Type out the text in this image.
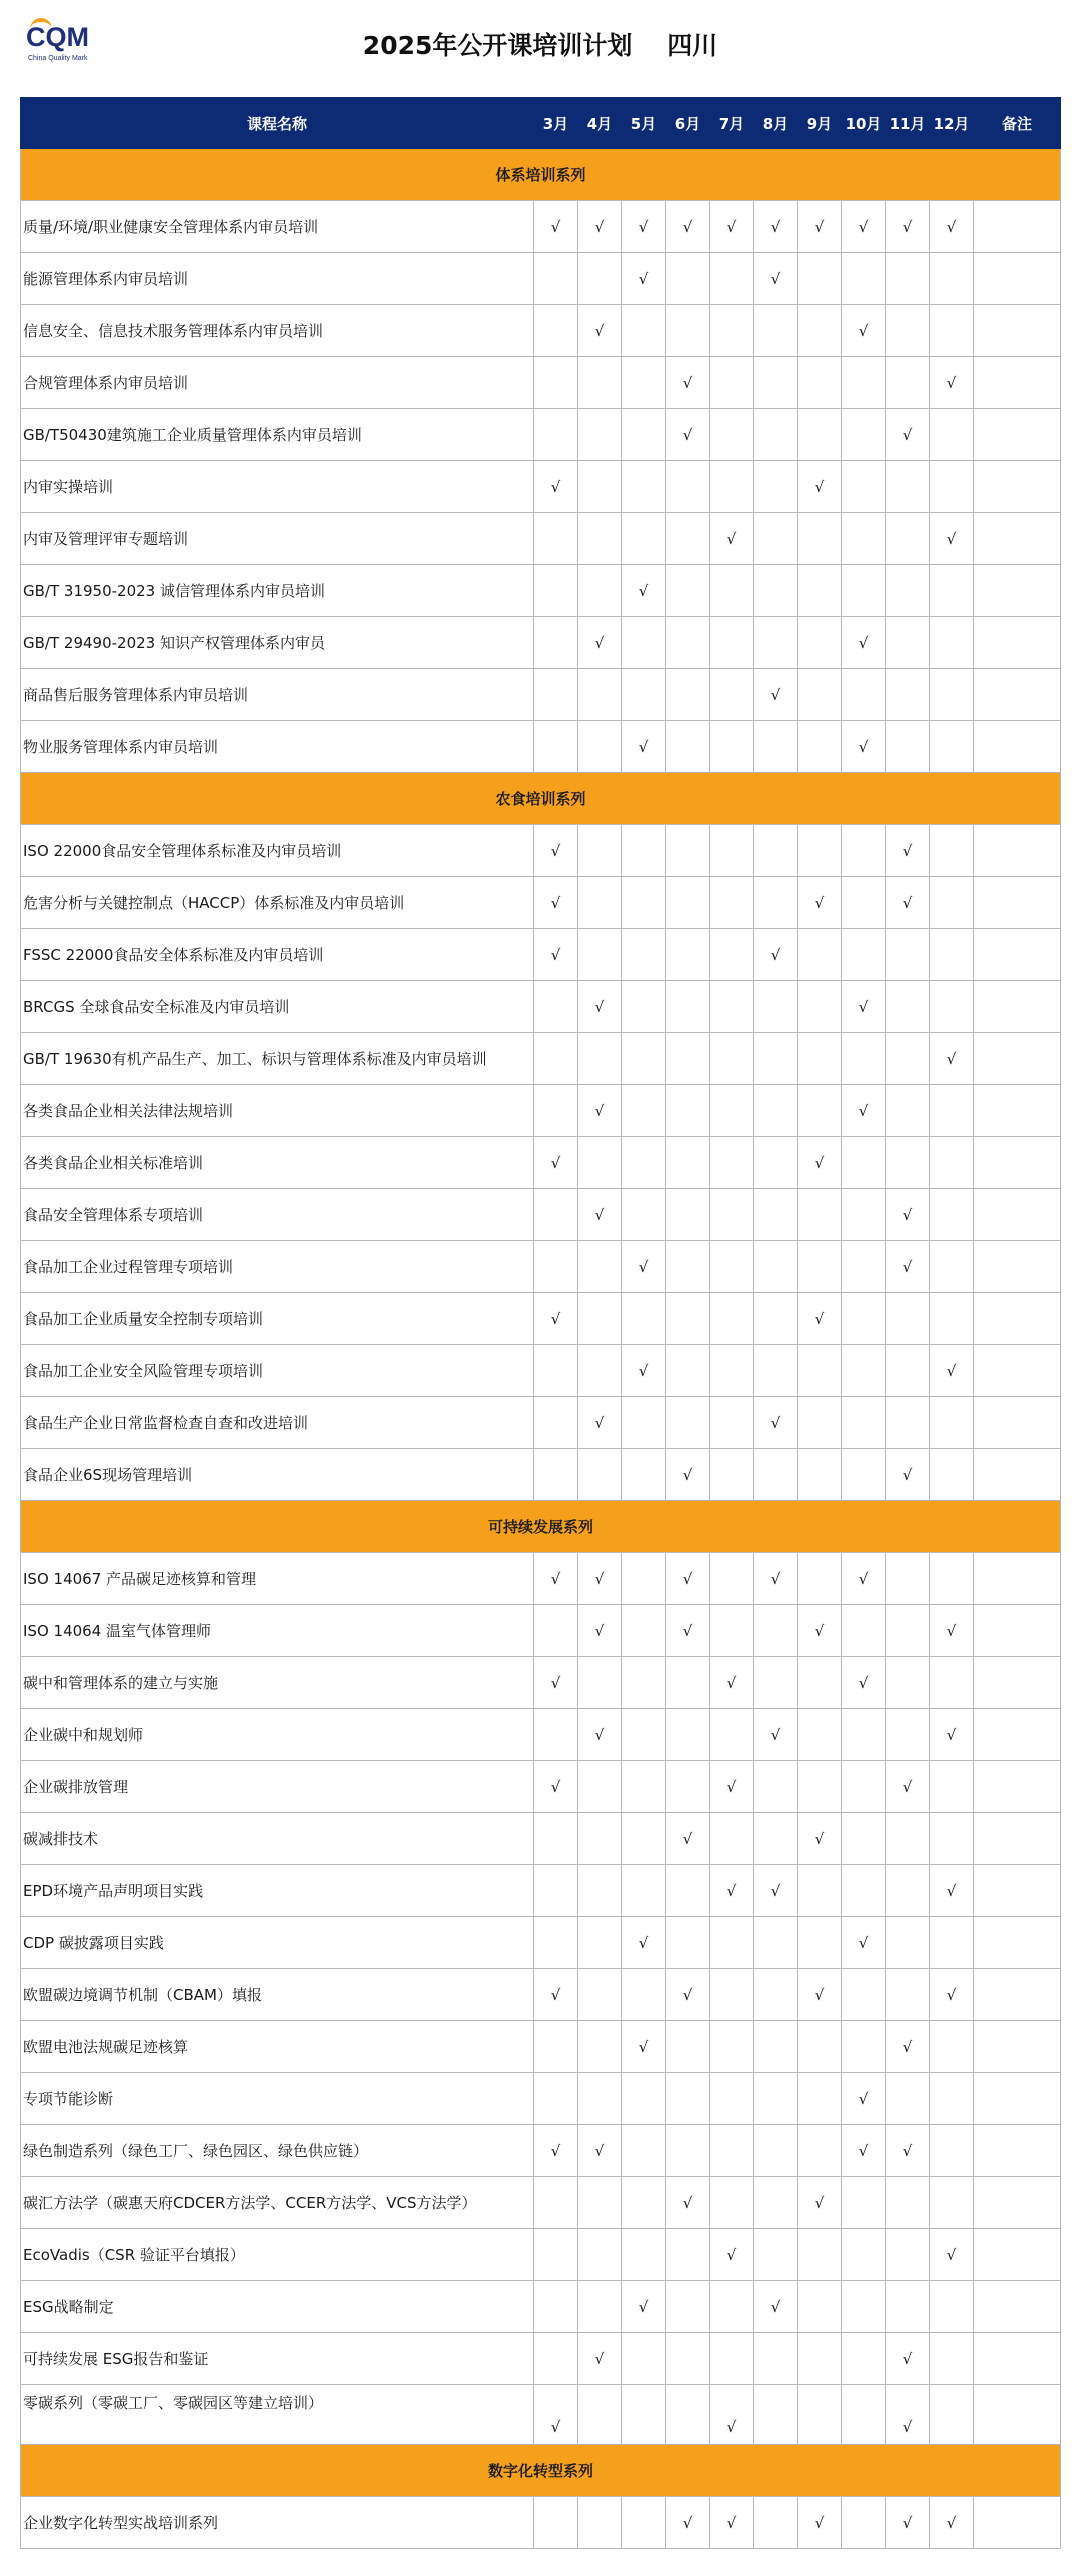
CQM
China Quality Mark	2025年公开课培训计划    四川
课程名称	3月	4月	5月	6月	7月	8月	9月	10月	11月	12月	备注
体系培训系列											
质量/环境/职业健康安全管理体系内审员培训	√	√	√	√	√	√	√	√	√	√	
能源管理体系内审员培训			√			√					
信息安全、信息技术服务管理体系内审员培训		√						√			
合规管理体系内审员培训				√						√	
GB/T50430建筑施工企业质量管理体系内审员培训				√					√		
内审实操培训	√						√				
内审及管理评审专题培训					√					√	
GB/T 31950-2023 诚信管理体系内审员培训			√								
GB/T 29490-2023 知识产权管理体系内审员		√						√			
商品售后服务管理体系内审员培训						√					
物业服务管理体系内审员培训			√					√			
农食培训系列											
ISO 22000食品安全管理体系标准及内审员培训	√								√		
危害分析与关键控制点（HACCP）体系标准及内审员培训	√						√		√		
FSSC 22000食品安全体系标准及内审员培训	√					√					
BRCGS 全球食品安全标准及内审员培训		√						√			
GB/T 19630有机产品生产、加工、标识与管理体系标准及内审员培训										√	
各类食品企业相关法律法规培训		√						√			
各类食品企业相关标准培训	√						√				
食品安全管理体系专项培训		√							√		
食品加工企业过程管理专项培训			√						√		
食品加工企业质量安全控制专项培训	√						√				
食品加工企业安全风险管理专项培训			√							√	
食品生产企业日常监督检查自查和改进培训		√				√					
食品企业6S现场管理培训				√					√		
可持续发展系列											
ISO 14067 产品碳足迹核算和管理	√	√		√		√		√			
ISO 14064 温室气体管理师		√		√			√			√	
碳中和管理体系的建立与实施	√				√			√			
企业碳中和规划师		√				√				√	
企业碳排放管理	√				√				√		
碳减排技术				√			√				
EPD环境产品声明项目实践					√	√				√	
CDP 碳披露项目实践			√					√			
欧盟碳边境调节机制（CBAM）填报	√			√			√			√	
欧盟电池法规碳足迹核算			√						√		
专项节能诊断								√			
绿色制造系列（绿色工厂、绿色园区、绿色供应链）	√	√						√	√		
碳汇方法学（碳惠天府CDCER方法学、CCER方法学、VCS方法学）				√			√				
EcoVadis（CSR 验证平台填报）					√					√	
ESG战略制定			√			√					
可持续发展 ESG报告和鉴证		√							√		
零碳系列（零碳工厂、零碳园区等建立培训）	√				√				√		
数字化转型系列											
企业数字化转型实战培训系列				√	√		√		√	√	
